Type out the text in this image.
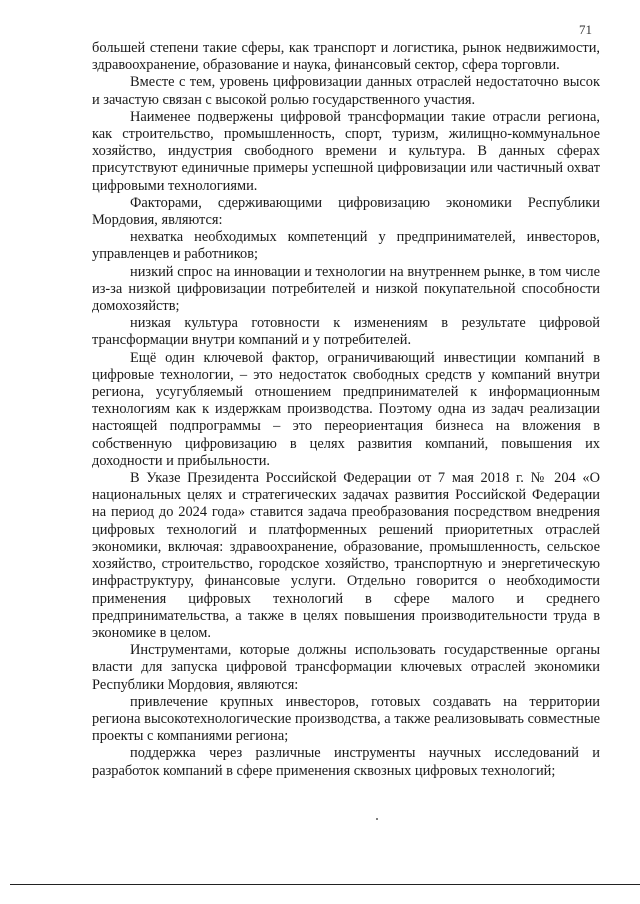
71

большей степени такие сферы, как транспорт и логистика, рынок недвижимости, здравоохранение, образование и наука, финансовый сектор, сфера торговли.

Вместе с тем, уровень цифровизации данных отраслей недостаточно высок и зачастую связан с высокой ролью государственного участия.

Наименее подвержены цифровой трансформации такие отрасли региона, как строительство, промышленность, спорт, туризм, жилищно-коммунальное хозяйство, индустрия свободного времени и культура. В данных сферах присутствуют единичные примеры успешной цифровизации или частичный охват цифровыми технологиями.

Факторами, сдерживающими цифровизацию экономики Республики Мордовия, являются:

нехватка необходимых компетенций у предпринимателей, инвесторов, управленцев и работников;

низкий спрос на инновации и технологии на внутреннем рынке, в том числе из-за низкой цифровизации потребителей и низкой покупательной способности домохозяйств;

низкая культура готовности к изменениям в результате цифровой трансформации внутри компаний и у потребителей.

Ещё один ключевой фактор, ограничивающий инвестиции компаний в цифровые технологии, – это недостаток свободных средств у компаний внутри региона, усугубляемый отношением предпринимателей к информационным технологиям как к издержкам производства. Поэтому одна из задач реализации настоящей подпрограммы – это переориентация бизнеса на вложения в собственную цифровизацию в целях развития компаний, повышения их доходности и прибыльности.

В Указе Президента Российской Федерации от 7 мая 2018 г. № 204 «О национальных целях и стратегических задачах развития Российской Федерации на период до 2024 года» ставится задача преобразования посредством внедрения цифровых технологий и платформенных решений приоритетных отраслей экономики, включая: здравоохранение, образование, промышленность, сельское хозяйство, строительство, городское хозяйство, транспортную и энергетическую инфраструктуру, финансовые услуги. Отдельно говорится о необходимости применения цифровых технологий в сфере малого и среднего предпринимательства, а также в целях повышения производительности труда в экономике в целом.

Инструментами, которые должны использовать государственные органы власти для запуска цифровой трансформации ключевых отраслей экономики Республики Мордовия, являются:

привлечение крупных инвесторов, готовых создавать на территории региона высокотехнологические производства, а также реализовывать совместные проекты с компаниями региона;

поддержка через различные инструменты научных исследований и разработок компаний в сфере применения сквозных цифровых технологий;
